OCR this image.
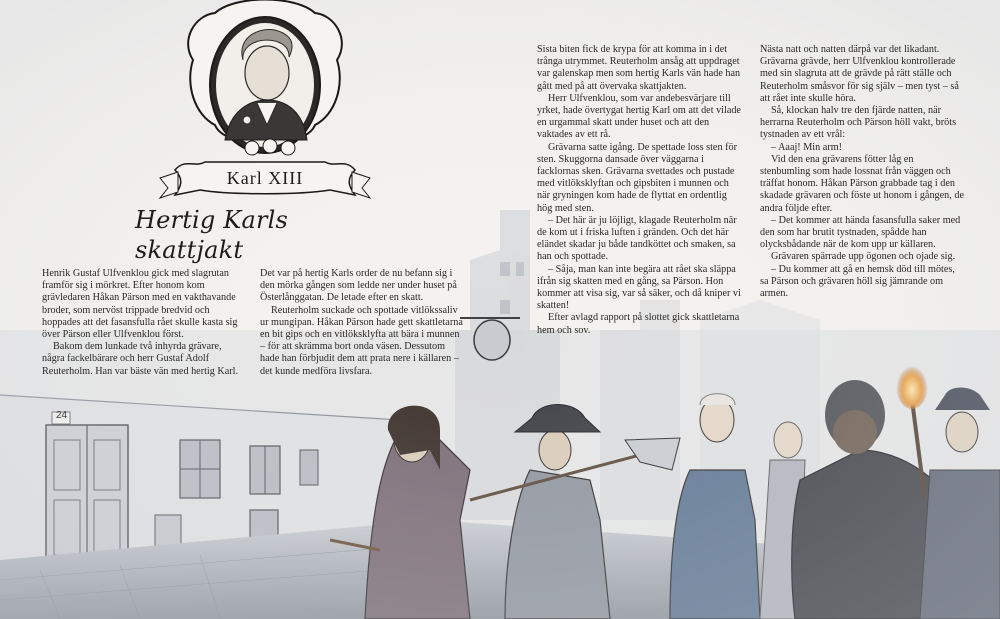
Karl XIII
24
Hertig Karls skattjakt

Henrik Gustaf Ulfvenklou gick med slagrutan framför sig i mörkret. Efter honom kom grävledaren Håkan Pärson med en vakthavande broder, som nervöst trippade bredvid och hoppades att det fasansfulla rået skulle kasta sig över Pärson eller Ulfvenklou först.

Bakom dem lunkade två inhyrda grävare, några fackelbärare och herr Gustaf Adolf Reuterholm. Han var bäste vän med hertig Karl.

Det var på hertig Karls order de nu befann sig i den mörka gången som ledde ner under huset på Österlånggatan. De letade efter en skatt.

Reuterholm suckade och spottade vitlökssaliv ur mungipan. Håkan Pärson hade gett skattletarna en bit gips och en vitlöksklyfta att bära i munnen – för att skrämma bort onda väsen. Dessutom hade han förbjudit dem att prata nere i källaren – det kunde medföra livsfara.

Sista biten fick de krypa för att komma in i det trånga utrymmet. Reuterholm ansåg att uppdraget var galenskap men som hertig Karls vän hade han gått med på att övervaka skattjakten.

Herr Ulfvenklou, som var andebesvärjare till yrket, hade övertygat hertig Karl om att det vilade en urgammal skatt under huset och att den vaktades av ett rå.

Grävarna satte igång. De spettade loss sten för sten. Skuggorna dansade över väggarna i facklornas sken. Grävarna svettades och pustade med vitlöksklyftan och gipsbiten i munnen och när gryningen kom hade de flyttat en ordentlig hög med sten.

– Det här är ju löjligt, klagade Reuterholm när de kom ut i friska luften i gränden. Och det här eländet skadar ju både tandköttet och smaken, sa han och spottade.

– Såja, man kan inte begära att rået ska släppa ifrån sig skatten med en gång, sa Pärson. Hon kommer att visa sig, var så säker, och då kniper vi skatten!

Efter avlagd rapport på slottet gick skattletarna hem och sov.

Nästa natt och natten därpå var det likadant. Grävarna grävde, herr Ulfvenklou kontrollerade med sin slagruta att de grävde på rätt ställe och Reuterholm småsvor för sig själv – men tyst – så att rået inte skulle höra.

Så, klockan halv tre den fjärde natten, när herrarna Reuterholm och Pärson höll vakt, bröts tystnaden av ett vrål:

– Aaaj! Min arm!

Vid den ena grävarens fötter låg en stenbumling som hade lossnat från väggen och träffat honom. Håkan Pärson grabbade tag i den skadade grävaren och föste ut honom i gången, de andra följde efter.

– Det kommer att hända fasansfulla saker med den som har brutit tystnaden, spådde han olycksbådande när de kom upp ur källaren.

Grävaren spärrade upp ögonen och ojade sig.

– Du kommer att gå en hemsk död till mötes, sa Pärson och grävaren höll sig jämrande om armen.
